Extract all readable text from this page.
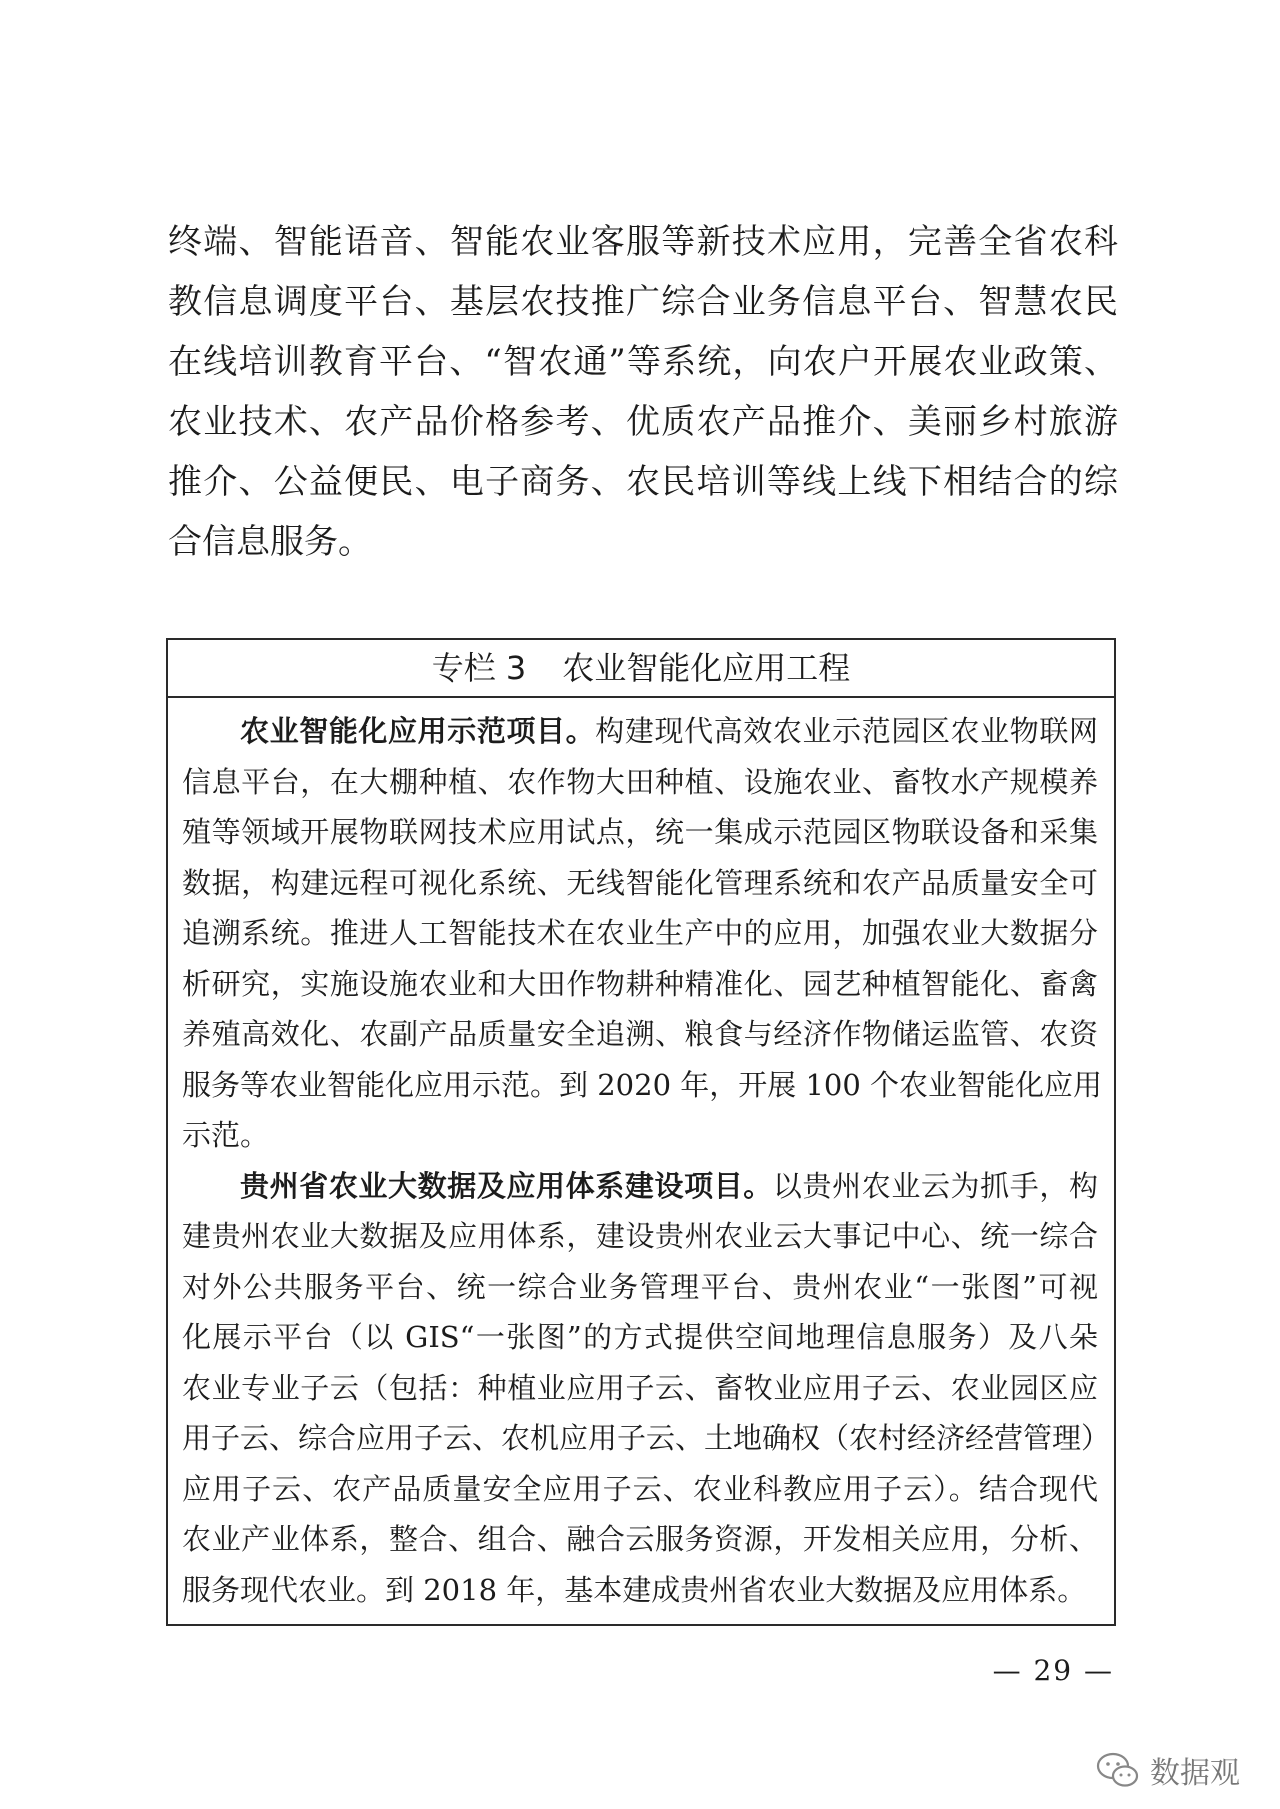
终端、智能语音、智能农业客服等新技术应用，完善全省农科
教信息调度平台、基层农技推广综合业务信息平台、智慧农民
在线培训教育平台、“智农通”等系统，向农户开展农业政策、
农业技术、农产品价格参考、优质农产品推介、美丽乡村旅游
推介、公益便民、电子商务、农民培训等线上线下相结合的综
合信息服务。
专栏 3 农业智能化应用工程
农业智能化应用示范项目。构建现代高效农业示范园区农业物联网
信息平台，在大棚种植、农作物大田种植、设施农业、畜牧水产规模养
殖等领域开展物联网技术应用试点，统一集成示范园区物联设备和采集
数据，构建远程可视化系统、无线智能化管理系统和农产品质量安全可
追溯系统。推进人工智能技术在农业生产中的应用，加强农业大数据分
析研究，实施设施农业和大田作物耕种精准化、园艺种植智能化、畜禽
养殖高效化、农副产品质量安全追溯、粮食与经济作物储运监管、农资
服务等农业智能化应用示范。到 2020 年，开展 100 个农业智能化应用
示范。
贵州省农业大数据及应用体系建设项目。以贵州农业云为抓手，构
建贵州农业大数据及应用体系，建设贵州农业云大事记中心、统一综合
对外公共服务平台、统一综合业务管理平台、贵州农业“一张图”可视
化展示平台（以 GIS“一张图”的方式提供空间地理信息服务）及八朵
农业专业子云（包括：种植业应用子云、畜牧业应用子云、农业园区应
用子云、综合应用子云、农机应用子云、土地确权（农村经济经营管理）
应用子云、农产品质量安全应用子云、农业科教应用子云）。结合现代
农业产业体系，整合、组合、融合云服务资源，开发相关应用，分析、
服务现代农业。到 2018 年，基本建成贵州省农业大数据及应用体系。
— 29 —
数据观
